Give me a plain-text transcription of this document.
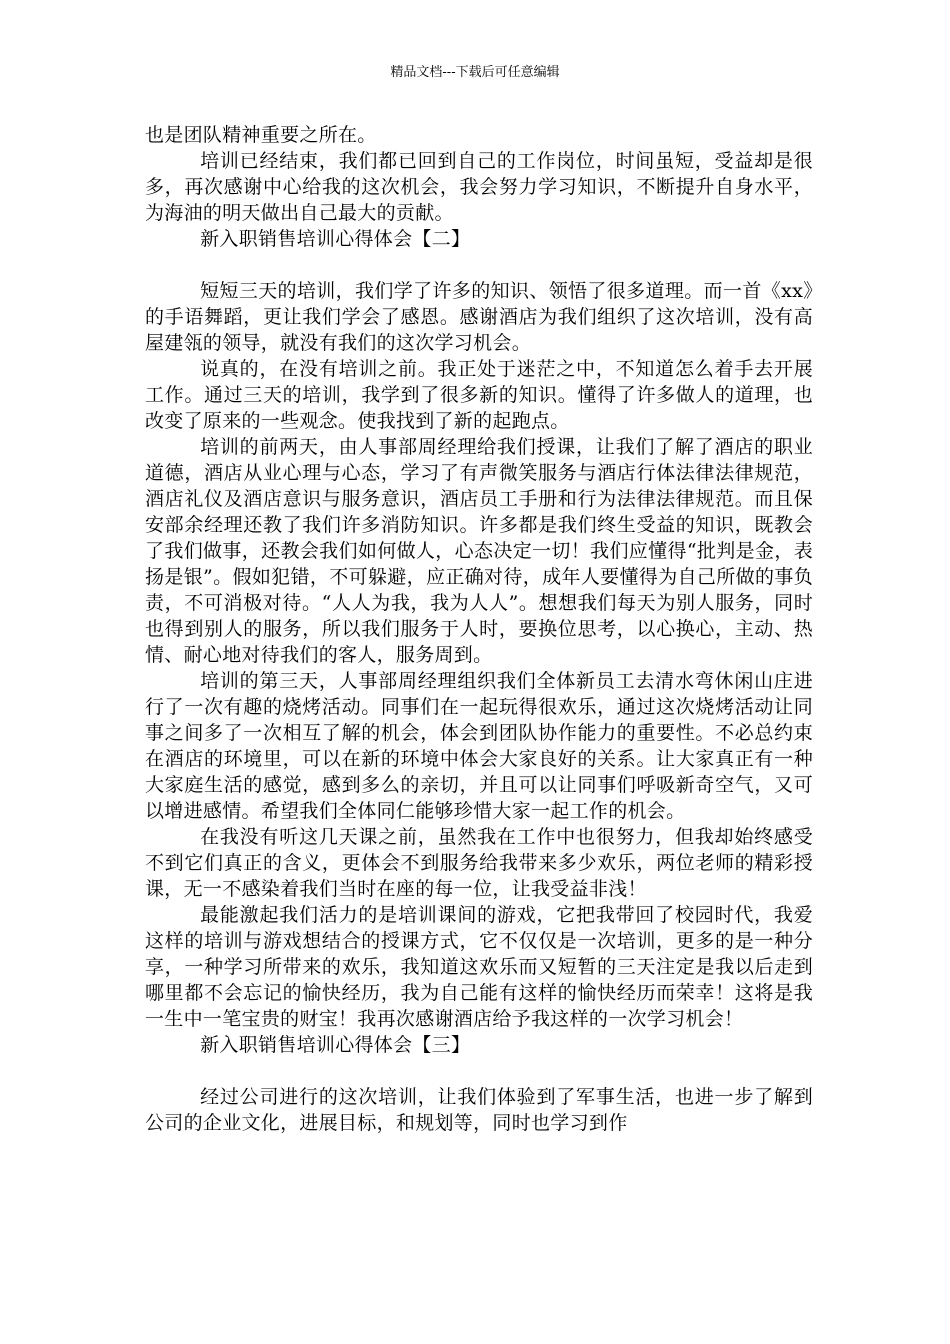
精品文档---下载后可任意编辑

也是团队精神重要之所在。

培训已经结束，我们都已回到自己的工作岗位，时间虽短，受益却是很多，再次感谢中心给我的这次机会，我会努力学习知识，不断提升自身水平，为海油的明天做出自己最大的贡献。

新入职销售培训心得体会【二】

短短三天的培训，我们学了许多的知识、领悟了很多道理。而一首《xx》的手语舞蹈，更让我们学会了感恩。感谢酒店为我们组织了这次培训，没有高屋建瓴的领导，就没有我们的这次学习机会。

说真的，在没有培训之前。我正处于迷茫之中，不知道怎么着手去开展工作。通过三天的培训，我学到了很多新的知识。懂得了许多做人的道理，也改变了原来的一些观念。使我找到了新的起跑点。

培训的前两天，由人事部周经理给我们授课，让我们了解了酒店的职业道德，酒店从业心理与心态，学习了有声微笑服务与酒店行体法律法律规范，酒店礼仪及酒店意识与服务意识，酒店员工手册和行为法律法律规范。而且保安部余经理还教了我们许多消防知识。许多都是我们终生受益的知识，既教会了我们做事，还教会我们如何做人，心态决定一切！我们应懂得“批判是金，表扬是银”。假如犯错，不可躲避，应正确对待，成年人要懂得为自己所做的事负责，不可消极对待。“人人为我，我为人人”。想想我们每天为别人服务，同时也得到别人的服务，所以我们服务于人时，要换位思考，以心换心，主动、热情、耐心地对待我们的客人，服务周到。

培训的第三天，人事部周经理组织我们全体新员工去清水弯休闲山庄进行了一次有趣的烧烤活动。同事们在一起玩得很欢乐，通过这次烧烤活动让同事之间多了一次相互了解的机会，体会到团队协作能力的重要性。不必总约束在酒店的环境里，可以在新的环境中体会大家良好的关系。让大家真正有一种大家庭生活的感觉，感到多么的亲切，并且可以让同事们呼吸新奇空气，又可以增进感情。希望我们全体同仁能够珍惜大家一起工作的机会。

在我没有听这几天课之前，虽然我在工作中也很努力，但我却始终感受不到它们真正的含义，更体会不到服务给我带来多少欢乐，两位老师的精彩授课，无一不感染着我们当时在座的每一位，让我受益非浅！

最能激起我们活力的是培训课间的游戏，它把我带回了校园时代，我爱这样的培训与游戏想结合的授课方式，它不仅仅是一次培训，更多的是一种分享，一种学习所带来的欢乐，我知道这欢乐而又短暂的三天注定是我以后走到哪里都不会忘记的愉快经历，我为自己能有这样的愉快经历而荣幸！这将是我一生中一笔宝贵的财宝！我再次感谢酒店给予我这样的一次学习机会！

新入职销售培训心得体会【三】

经过公司进行的这次培训，让我们体验到了军事生活，也进一步了解到公司的企业文化，进展目标，和规划等，同时也学习到作
